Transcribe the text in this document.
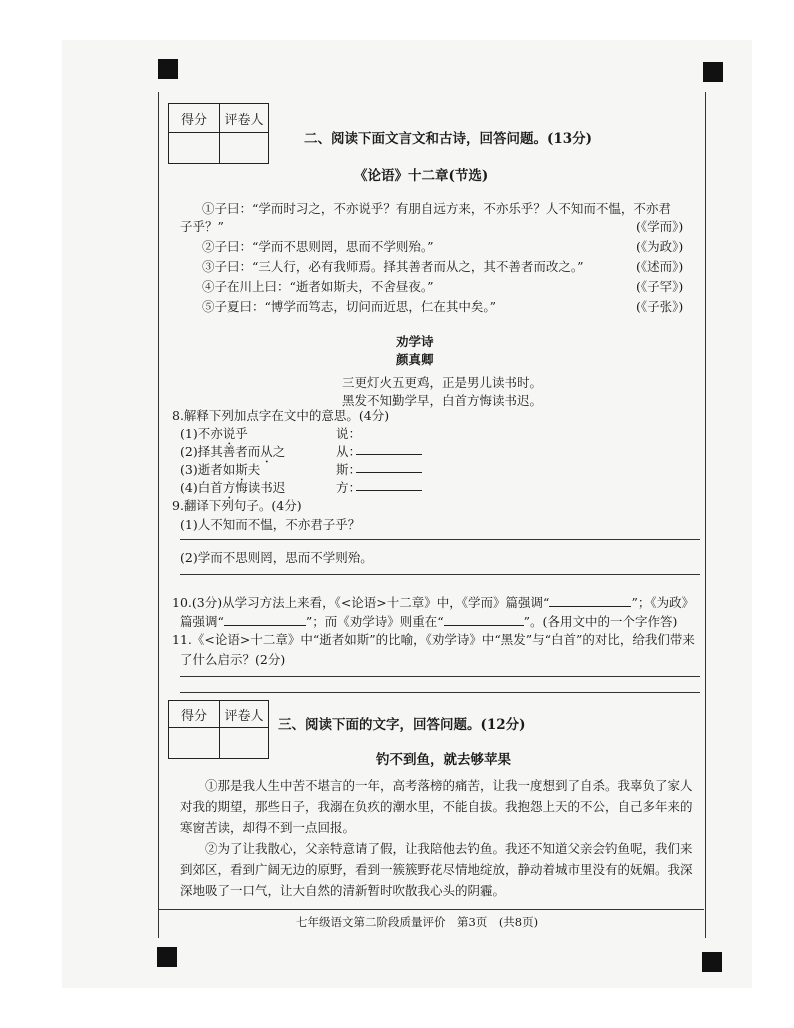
得分	评卷人

二、阅读下面文言文和古诗，回答问题。(13分)
《论语》十二章(节选)
①子曰：“学而时习之，不亦说乎？有朋自远方来，不亦乐乎？人不知而不愠，不亦君
子乎？”	(《学而》)
②子曰：“学而不思则罔，思而不学则殆。”	(《为政》)
③子曰：“三人行，必有我师焉。择其善者而从之，其不善者而改之。”	(《述而》)
④子在川上曰：“逝者如斯夫，不舍昼夜。”	(《子罕》)
⑤子夏曰：“博学而笃志，切问而近思，仁在其中矣。”	(《子张》)
劝学诗
颜真卿
三更灯火五更鸡，正是男儿读书时。
黑发不知勤学早，白首方悔读书迟。
8.解释下列加点字在文中的意思。(4分)
(1)不亦说乎	说：
(2)择其善者而从之	从：
(3)逝者如斯夫	斯：
(4)白首方悔读书迟	方：
9.翻译下列句子。(4分)
(1)人不知而不愠，不亦君子乎？
(2)学而不思则罔，思而不学则殆。
10.(3分)从学习方法上来看，《<论语>十二章》中，《学而》篇强调“	”；《为政》
篇强调“	”；而《劝学诗》则重在“	”。(各用文中的一个字作答)
11.《<论语>十二章》中“逝者如斯”的比喻，《劝学诗》中“黑发”与“白首”的对比，给我们带来
了什么启示？(2分)
得分	评卷人

三、阅读下面的文字，回答问题。(12分)
钓不到鱼，就去够苹果
①那是我人生中苦不堪言的一年，高考落榜的痛苦，让我一度想到了自杀。我辜负了家人对我的期望，那些日子，我溺在负疚的潮水里，不能自拔。我抱怨上天的不公，自己多年来的寒窗苦读，却得不到一点回报。
②为了让我散心，父亲特意请了假，让我陪他去钓鱼。我还不知道父亲会钓鱼呢，我们来到郊区，看到广阔无边的原野，看到一簇簇野花尽情地绽放，静动着城市里没有的妩媚。我深深地吸了一口气，让大自然的清新暂时吹散我心头的阴霾。
七年级语文第二阶段质量评价　第3页　(共8页)
